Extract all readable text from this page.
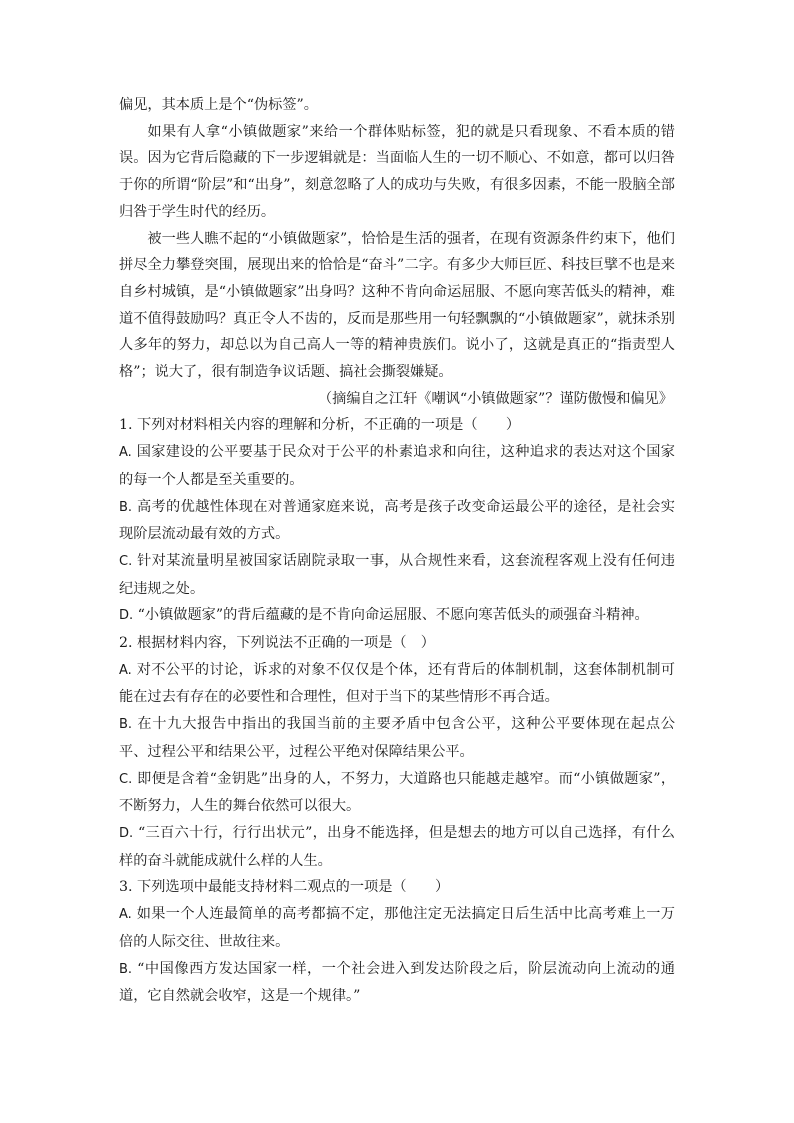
偏见，其本质上是个“伪标签”。

如果有人拿“小镇做题家”来给一个群体贴标签，犯的就是只看现象、不看本质的错误。因为它背后隐藏的下一步逻辑就是：当面临人生的一切不顺心、不如意，都可以归咎于你的所谓“阶层”和“出身”，刻意忽略了人的成功与失败，有很多因素，不能一股脑全部归咎于学生时代的经历。

被一些人瞧不起的“小镇做题家”，恰恰是生活的强者，在现有资源条件约束下，他们拼尽全力攀登突围，展现出来的恰恰是“奋斗”二字。有多少大师巨匠、科技巨擘不也是来自乡村城镇，是“小镇做题家”出身吗？这种不肯向命运屈服、不愿向寒苦低头的精神，难道不值得鼓励吗？真正令人不齿的，反而是那些用一句轻飘飘的“小镇做题家”，就抹杀别人多年的努力，却总以为自己高人一等的精神贵族们。说小了，这就是真正的“指责型人格”；说大了，很有制造争议话题、搞社会撕裂嫌疑。

（摘编自之江轩《嘲讽“小镇做题家”？谨防傲慢和偏见》

1. 下列对材料相关内容的理解和分析，不正确的一项是（　　）

A. 国家建设的公平要基于民众对于公平的朴素追求和向往，这种追求的表达对这个国家的每一个人都是至关重要的。

B. 高考的优越性体现在对普通家庭来说，高考是孩子改变命运最公平的途径，是社会实现阶层流动最有效的方式。

C. 针对某流量明星被国家话剧院录取一事，从合规性来看，这套流程客观上没有任何违纪违规之处。

D. “小镇做题家”的背后蕴藏的是不肯向命运屈服、不愿向寒苦低头的顽强奋斗精神。

2. 根据材料内容，下列说法不正确的一项是（　）

A. 对不公平的讨论，诉求的对象不仅仅是个体，还有背后的体制机制，这套体制机制可能在过去有存在的必要性和合理性，但对于当下的某些情形不再合适。

B. 在十九大报告中指出的我国当前的主要矛盾中包含公平，这种公平要体现在起点公平、过程公平和结果公平，过程公平绝对保障结果公平。

C. 即便是含着“金钥匙”出身的人，不努力，大道路也只能越走越窄。而“小镇做题家”，不断努力，人生的舞台依然可以很大。

D. “三百六十行，行行出状元”，出身不能选择，但是想去的地方可以自己选择，有什么样的奋斗就能成就什么样的人生。

3. 下列选项中最能支持材料二观点的一项是（　　）

A. 如果一个人连最简单的高考都搞不定，那他注定无法搞定日后生活中比高考难上一万倍的人际交往、世故往来。

B. “中国像西方发达国家一样，一个社会进入到发达阶段之后，阶层流动向上流动的通道，它自然就会收窄，这是一个规律。”
